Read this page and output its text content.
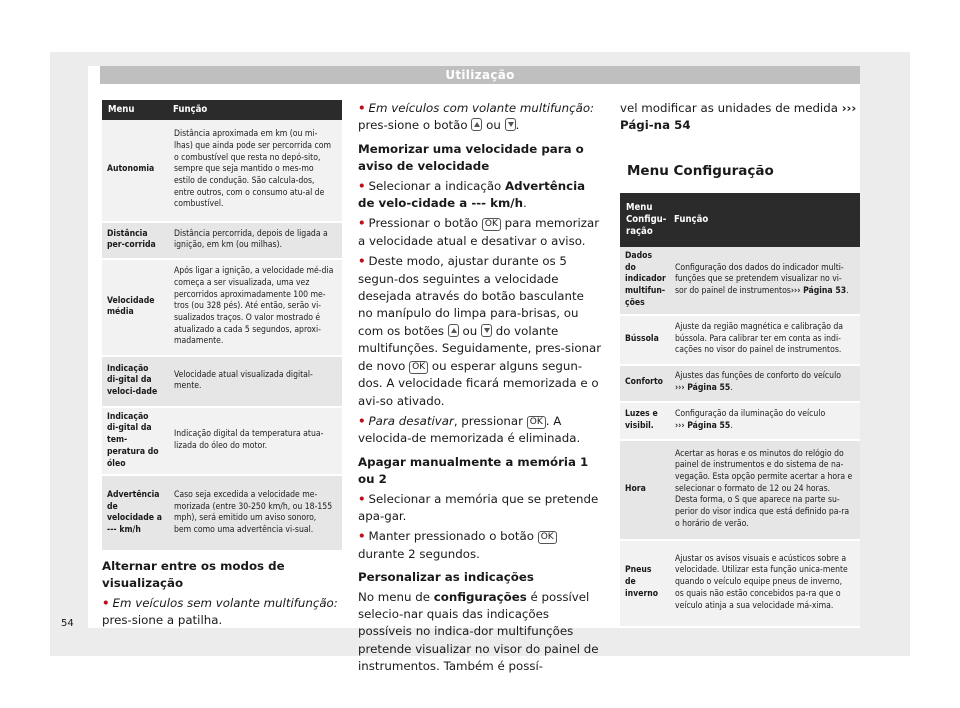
Utilização
Menu	Função
Autonomia	Distância aproximada em km (ou mi-lhas) que ainda pode ser percorrida com o combustível que resta no depó-sito, sempre que seja mantido o mes-mo estilo de condução. São calcula-dos, entre outros, com o consumo atu-al de combustível.
Distância per-corrida	Distância percorrida, depois de ligada a ignição, em km (ou milhas).
Velocidade média	Após ligar a ignição, a velocidade mé-dia começa a ser visualizada, uma vez percorridos aproximadamente 100 me-tros (ou 328 pés). Até então, serão vi-sualizados traços. O valor mostrado é atualizado a cada 5 segundos, aproxi-madamente.
Indicação di-gital da veloci-dade	Velocidade atual visualizada digital-mente.
Indicação di-gital da tem-peratura do óleo	Indicação digital da temperatura atua-lizada do óleo do motor.
Advertência de velocidade a --- km/h	Caso seja excedida a velocidade me-morizada (entre 30-250 km/h, ou 18-155 mph), será emitido um aviso sonoro, bem como uma advertência vi-sual.
Alternar entre os modos de visualização

• Em veículos sem volante multifunção: pres-sione a patilha.

• Em veículos com volante multifunção: pres-sione o botão  ou .

Memorizar uma velocidade para o aviso de velocidade

• Selecionar a indicação Advertência de velo-cidade a --- km/h.

• Pressionar o botão OK para memorizar a velocidade atual e desativar o aviso.

• Deste modo, ajustar durante os 5 segun-dos seguintes a velocidade desejada através do botão basculante no manípulo do limpa para-brisas, ou com os botões  ou  do volante multifunções. Seguidamente, pres-sionar de novo OK ou esperar alguns segun-dos. A velocidade ficará memorizada e o avi-so ativado.

• Para desativar, pressionar OK . A velocida-de memorizada é eliminada.

Apagar manualmente a memória 1 ou 2

• Selecionar a memória que se pretende apa-gar.

• Manter pressionado o botão OK durante 2 segundos.

Personalizar as indicações

No menu de configurações é possível selecio-nar quais das indicações possíveis no indica-dor multifunções pretende visualizar no visor do painel de instrumentos. Também é possí-

vel modificar as unidades de medida ››› Pági-na 54

Menu Configuração
Menu Configu-ração	Função
Dados do indicador multifun-ções	Configuração dos dados do indicador multi-funções que se pretendem visualizar no vi-sor do painel de instrumentos››› Página 53.
Bússola	Ajuste da região magnética e calibração da bússola. Para calibrar ter em conta as indi-cações no visor do painel de instrumentos.
Conforto	Ajustes das funções de conforto do veículo ››› Página 55.
Luzes e visibil.	Configuração da iluminação do veículo ››› Página 55.
Hora	Acertar as horas e os minutos do relógio do painel de instrumentos e do sistema de na-vegação. Esta opção permite acertar a hora e selecionar o formato de 12 ou 24 horas. Desta forma, o S que aparece na parte su-perior do visor indica que está definido pa-ra o horário de verão.
Pneus de inverno	Ajustar os avisos visuais e acústicos sobre a velocidade. Utilizar esta função unica-mente quando o veículo equipe pneus de inverno, os quais não estão concebidos pa-ra que o veículo atinja a sua velocidade má-xima.
54
